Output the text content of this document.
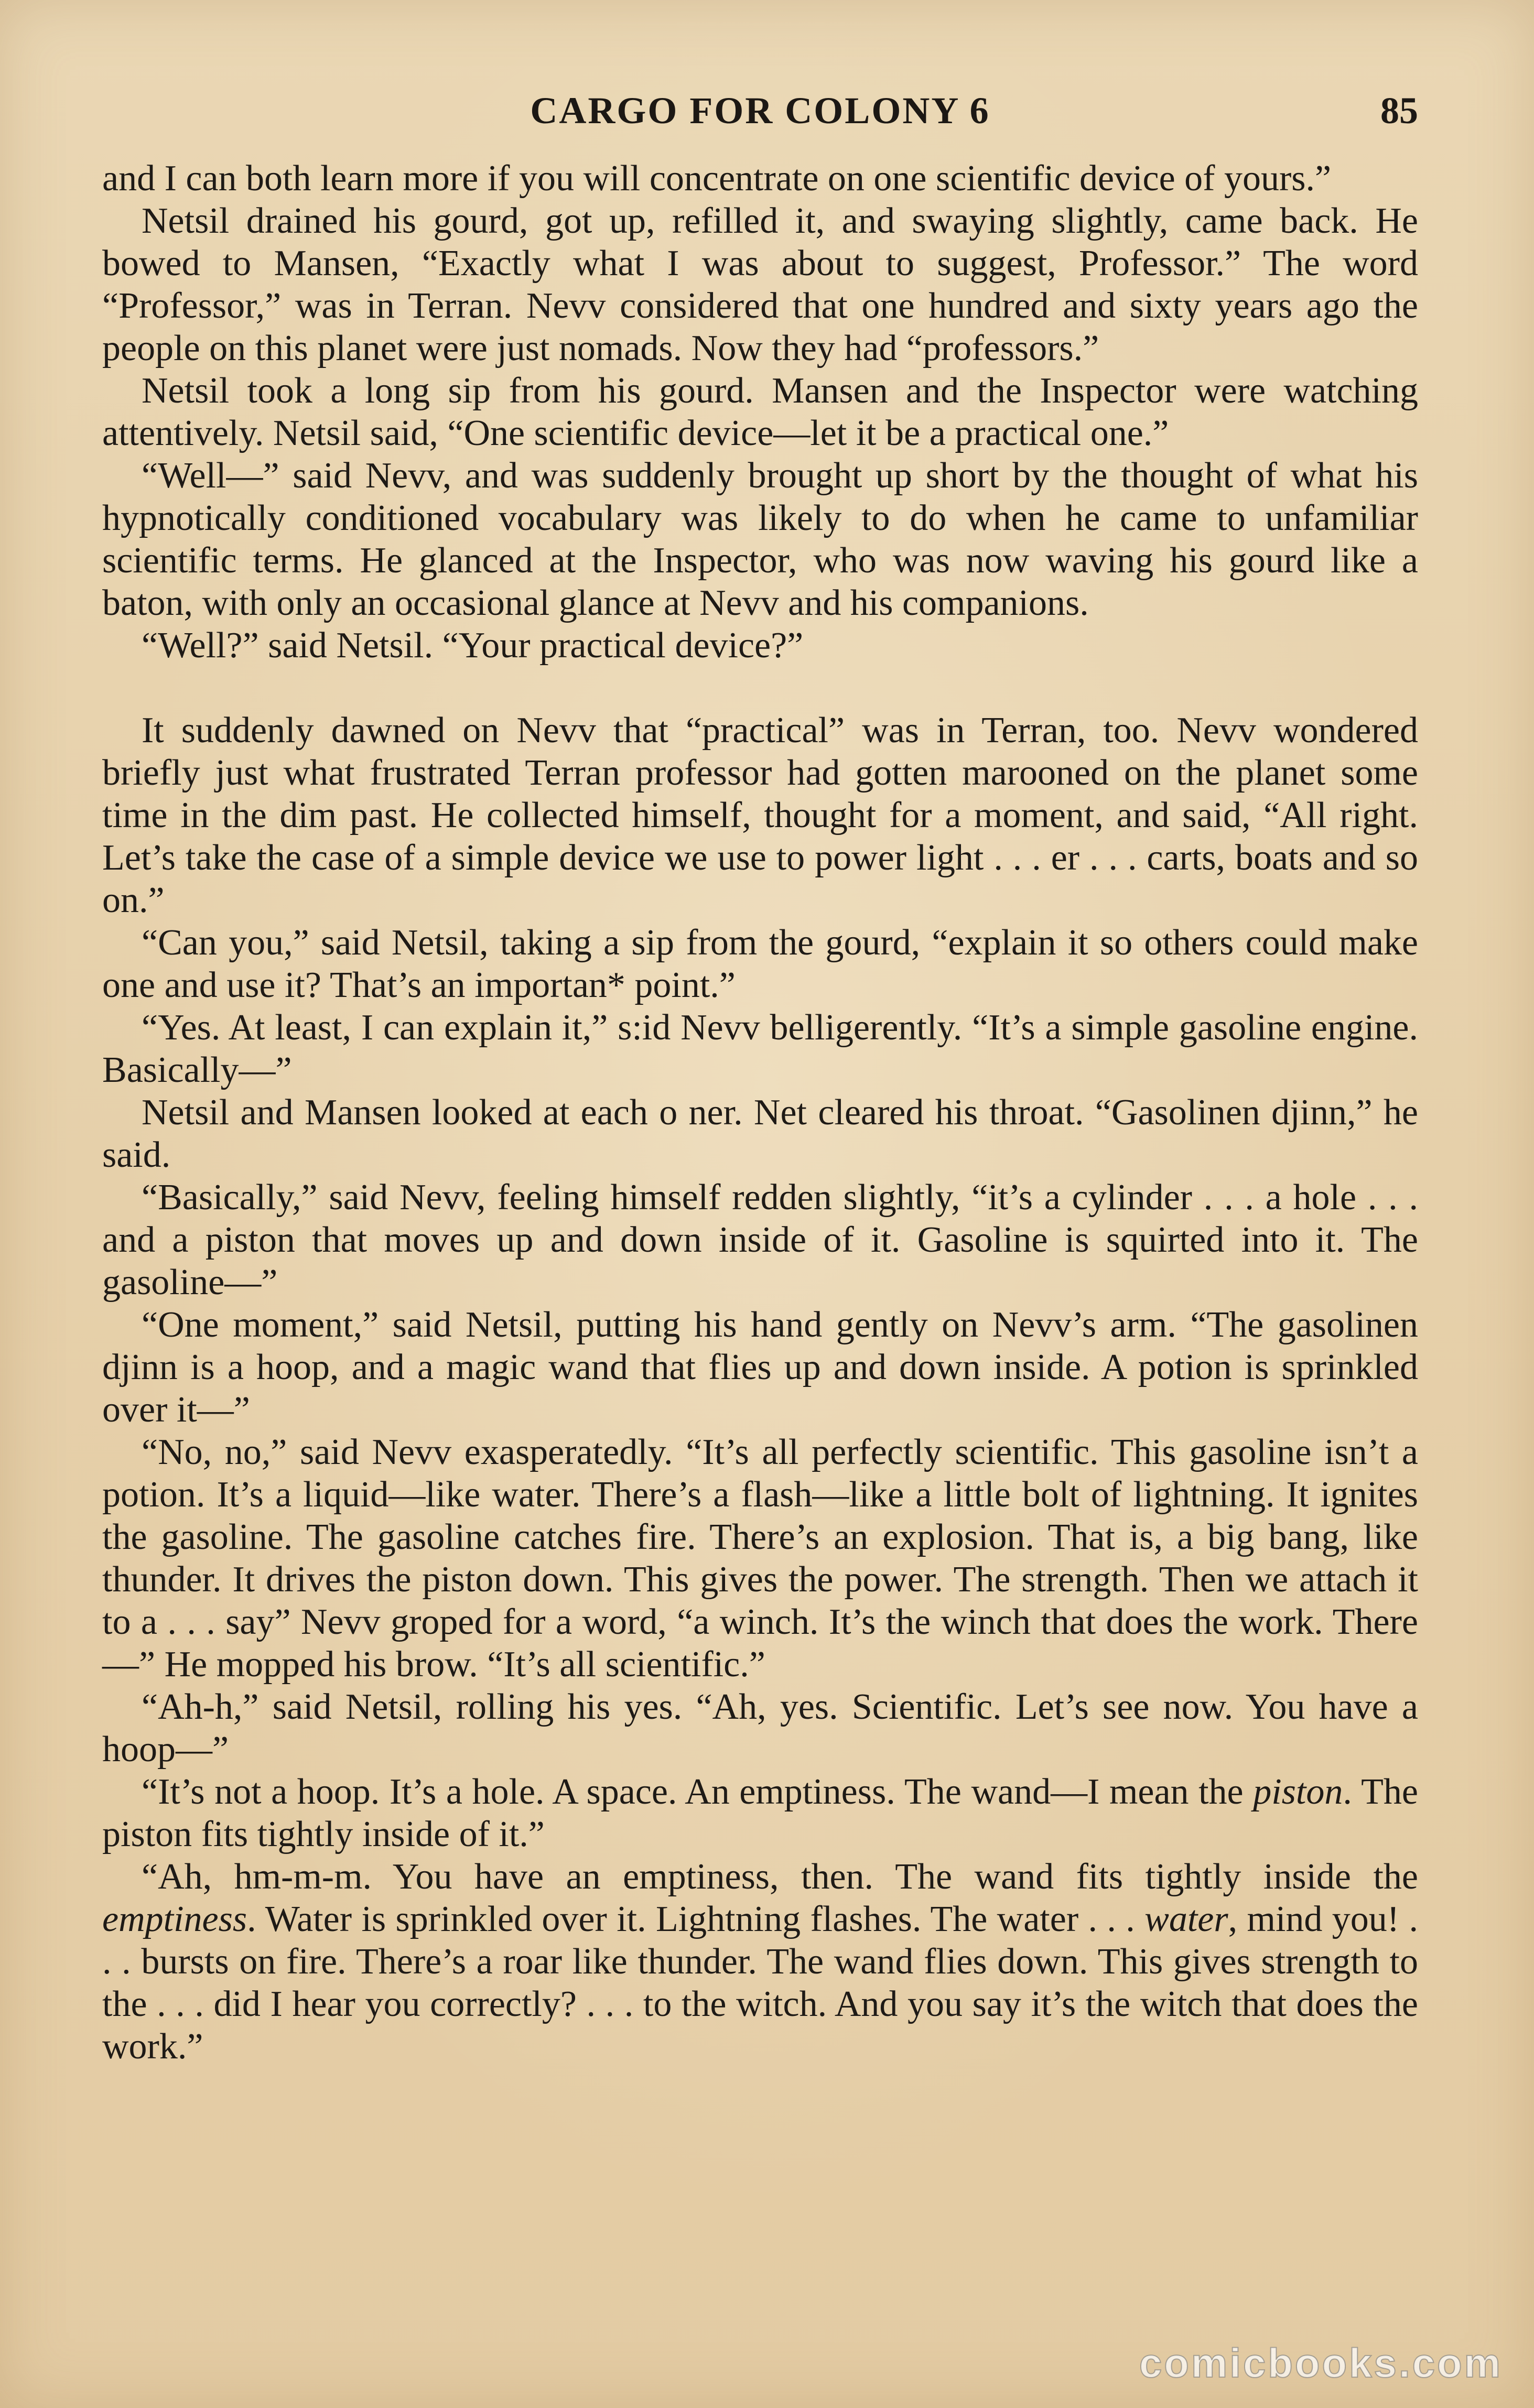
CARGO FOR COLONY 6	85

and I can both learn more if you will concentrate on one scientific device of yours.”

Netsil drained his gourd, got up, refilled it, and swaying slightly, came back. He bowed to Mansen, “Exactly what I was about to suggest, Professor.” The word “Professor,” was in Terran. Nevv considered that one hundred and sixty years ago the people on this planet were just nomads. Now they had “professors.”

Netsil took a long sip from his gourd. Mansen and the Inspector were watching attentively. Netsil said, “One scientific device—let it be a practical one.”

“Well—” said Nevv, and was suddenly brought up short by the thought of what his hypnotically conditioned vocabulary was likely to do when he came to unfamiliar scientific terms. He glanced at the Inspector, who was now waving his gourd like a baton, with only an occasional glance at Nevv and his companions.

“Well?” said Netsil. “Your practical device?”

It suddenly dawned on Nevv that “practical” was in Terran, too. Nevv wondered briefly just what frustrated Terran professor had gotten marooned on the planet some time in the dim past. He collected himself, thought for a moment, and said, “All right. Let’s take the case of a simple device we use to power light . . . er . . . carts, boats and so on.”

“Can you,” said Netsil, taking a sip from the gourd, “explain it so others could make one and use it? That’s an importan* point.”

“Yes. At least, I can explain it,” s:id Nevv belligerently. “It’s a simple gasoline engine. Basically—”

Netsil and Mansen looked at each o ner. Net cleared his throat. “Gasolinen djinn,” he said.

“Basically,” said Nevv, feeling himself redden slightly, “it’s a cylinder . . . a hole . . . and a piston that moves up and down inside of it. Gasoline is squirted into it. The gasoline—”

“One moment,” said Netsil, putting his hand gently on Nevv’s arm. “The gasolinen djinn is a hoop, and a magic wand that flies up and down inside. A potion is sprinkled over it—”

“No, no,” said Nevv exasperatedly. “It’s all perfectly scientific. This gasoline isn’t a potion. It’s a liquid—like water. There’s a flash—like a little bolt of lightning. It ignites the gasoline. The gasoline catches fire. There’s an explosion. That is, a big bang, like thunder. It drives the piston down. This gives the power. The strength. Then we attach it to a . . . say” Nevv groped for a word, “a winch. It’s the winch that does the work. There—” He mopped his brow. “It’s all scientific.”

“Ah-h,” said Netsil, rolling his yes. “Ah, yes. Scientific. Let’s see now. You have a hoop—”

“It’s not a hoop. It’s a hole. A space. An emptiness. The wand—I mean the piston. The piston fits tightly inside of it.”

“Ah, hm-m-m. You have an emptiness, then. The wand fits tightly inside the emptiness. Water is sprinkled over it. Lightning flashes. The water . . . water, mind you! . . . bursts on fire. There’s a roar like thunder. The wand flies down. This gives strength to the . . . did I hear you correctly? . . . to the witch. And you say it’s the witch that does the work.”

comicbooks.com
